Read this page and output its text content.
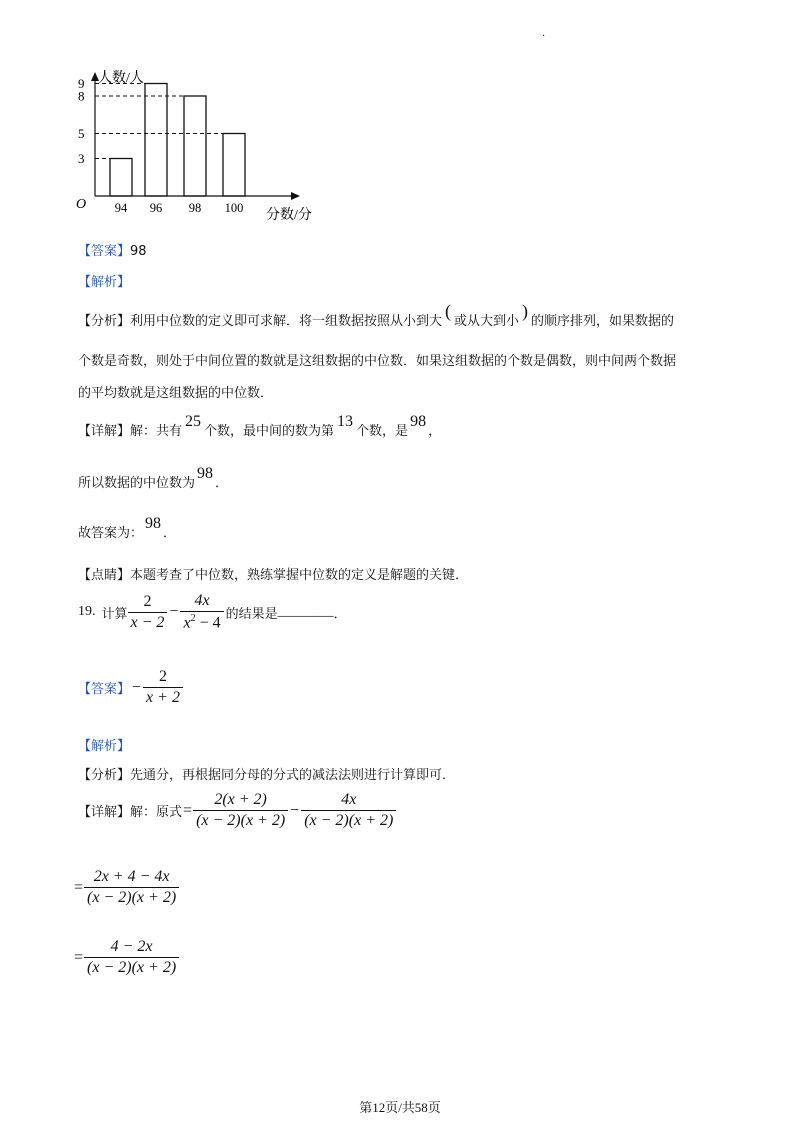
.
人数/人
分数/分
O 94 96 98 100
3
5
8
9
【答案】98
【解析】
【分析】利用中位数的定义即可求解．将一组数据按照从小到大(或从大到小)的顺序排列，如果数据的
个数是奇数，则处于中间位置的数就是这组数据的中位数．如果这组数据的个数是偶数，则中间两个数据
的平均数就是这组数据的中位数．
【详解】解：共有25个数，最中间的数为第13个数，是98，
所以数据的中位数为98．
故答案为：98．
【点睛】本题考查了中位数，熟练掌握中位数的定义是解题的关键．
19. 计算 $\frac{2}{x - 2} - \frac{4x}{x^2 - 4}$ 的结果是 ________ ．
【答案】 − $\frac{2}{x + 2}$
【解析】
【分析】先通分，再根据同分母的分式的减法法则进行计算即可．
【详解】 解：原式 = $\frac{2(x + 2)}{(x - 2)(x + 2)} - \frac{4x}{(x - 2)(x + 2)}$
= $\frac{2x + 4 - 4x}{(x - 2)(x + 2)}$
= $\frac{4 - 2x}{(x - 2)(x + 2)}$
第12页/共58页
